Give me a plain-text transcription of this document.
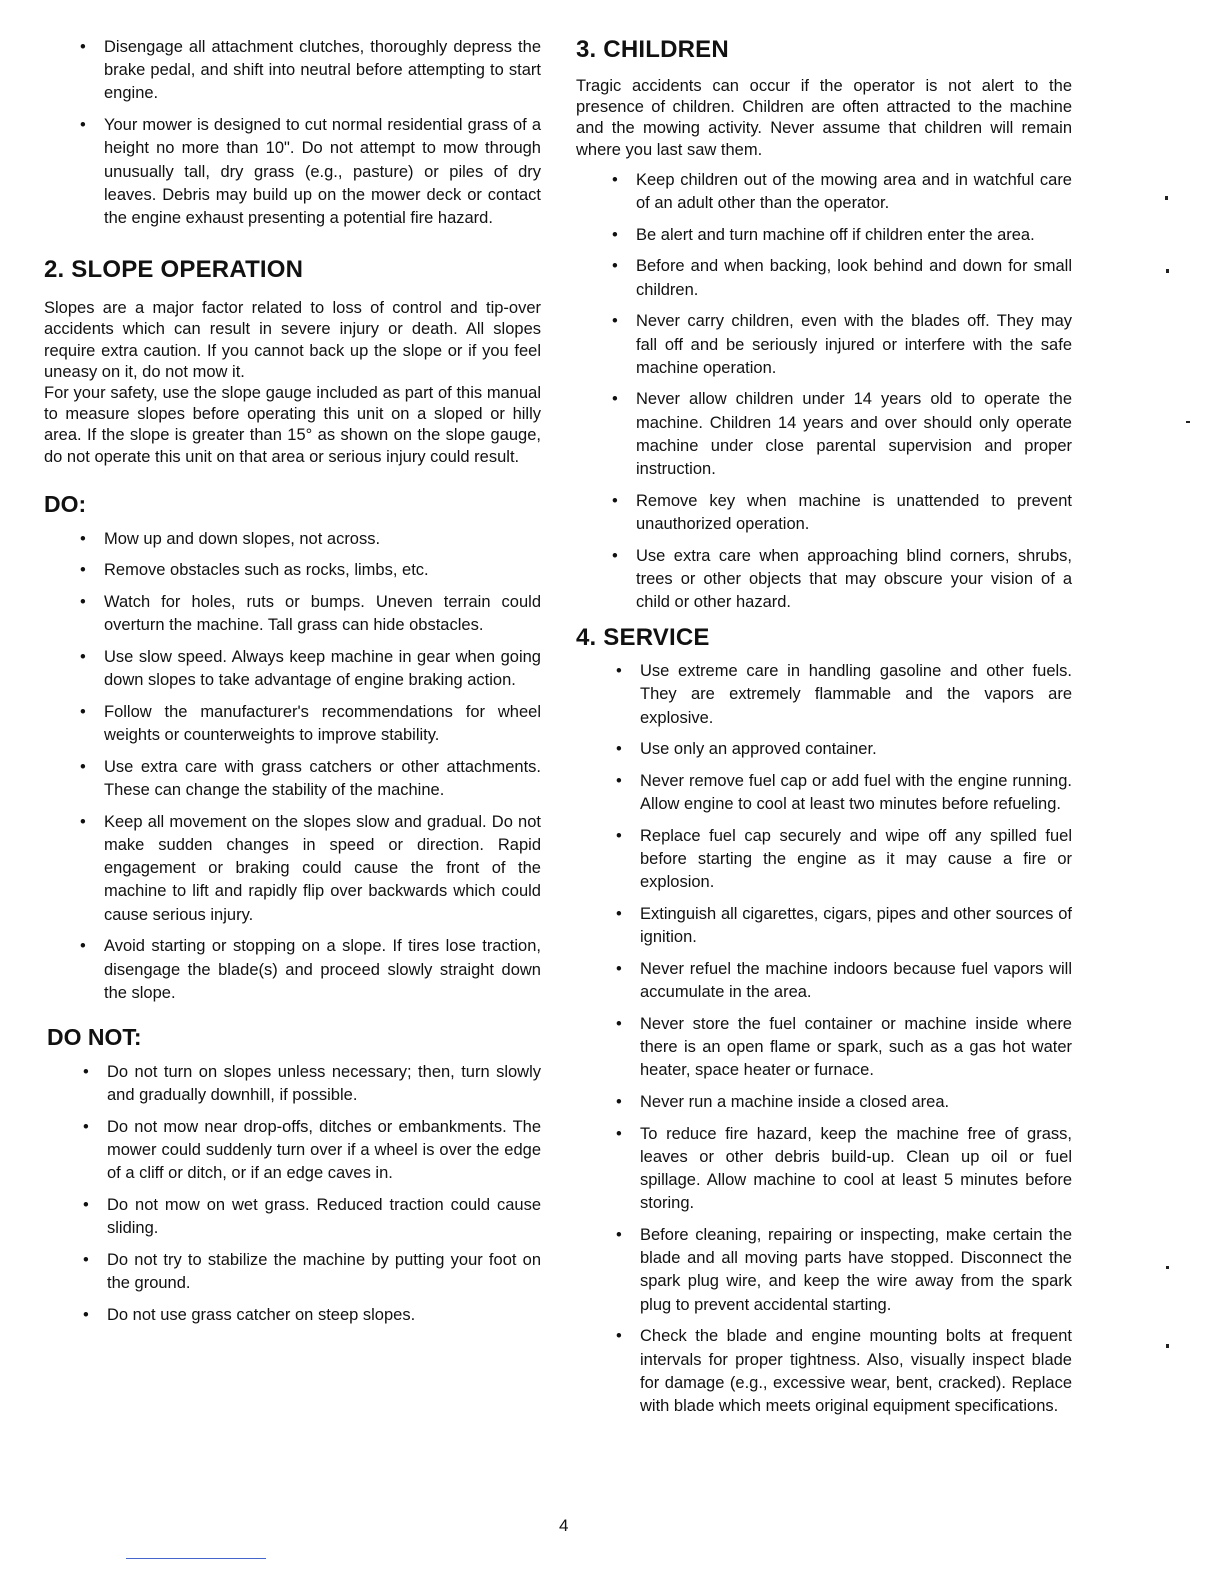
• Disengage all attachment clutches, thoroughly depress the brake pedal, and shift into neutral before attempting to start engine.
• Your mower is designed to cut normal residential grass of a height no more than 10". Do not attempt to mow through unusually tall, dry grass (e.g., pasture) or piles of dry leaves. Debris may build up on the mower deck or contact the engine exhaust presenting a potential fire hazard.
2. SLOPE OPERATION

Slopes are a major factor related to loss of control and tip-over accidents which can result in severe injury or death. All slopes require extra caution. If you cannot back up the slope or if you feel uneasy on it, do not mow it.

For your safety, use the slope gauge included as part of this manual to measure slopes before operating this unit on a sloped or hilly area. If the slope is greater than 15° as shown on the slope gauge, do not operate this unit on that area or serious injury could result.

DO:
• Mow up and down slopes, not across.
• Remove obstacles such as rocks, limbs, etc.
• Watch for holes, ruts or bumps. Uneven terrain could overturn the machine. Tall grass can hide obstacles.
• Use slow speed. Always keep machine in gear when going down slopes to take advantage of engine braking action.
• Follow the manufacturer's recommendations for wheel weights or counterweights to improve stability.
• Use extra care with grass catchers or other attachments. These can change the stability of the machine.
• Keep all movement on the slopes slow and gradual. Do not make sudden changes in speed or direction. Rapid engagement or braking could cause the front of the machine to lift and rapidly flip over backwards which could cause serious injury.
• Avoid starting or stopping on a slope. If tires lose traction, disengage the blade(s) and proceed slowly straight down the slope.
DO NOT:
• Do not turn on slopes unless necessary; then, turn slowly and gradually downhill, if possible.
• Do not mow near drop-offs, ditches or embankments. The mower could suddenly turn over if a wheel is over the edge of a cliff or ditch, or if an edge caves in.
• Do not mow on wet grass. Reduced traction could cause sliding.
• Do not try to stabilize the machine by putting your foot on the ground.
• Do not use grass catcher on steep slopes.
3. CHILDREN

Tragic accidents can occur if the operator is not alert to the presence of children. Children are often attracted to the machine and the mowing activity. Never assume that children will remain where you last saw them.

• Keep children out of the mowing area and in watchful care of an adult other than the operator.
• Be alert and turn machine off if children enter the area.
• Before and when backing, look behind and down for small children.
• Never carry children, even with the blades off. They may fall off and be seriously injured or interfere with the safe machine operation.
• Never allow children under 14 years old to operate the machine. Children 14 years and over should only operate machine under close parental supervision and proper instruction.
• Remove key when machine is unattended to prevent unauthorized operation.
• Use extra care when approaching blind corners, shrubs, trees or other objects that may obscure your vision of a child or other hazard.
4. SERVICE
• Use extreme care in handling gasoline and other fuels. They are extremely flammable and the vapors are explosive.
• Use only an approved container.
• Never remove fuel cap or add fuel with the engine running. Allow engine to cool at least two minutes before refueling.
• Replace fuel cap securely and wipe off any spilled fuel before starting the engine as it may cause a fire or explosion.
• Extinguish all cigarettes, cigars, pipes and other sources of ignition.
• Never refuel the machine indoors because fuel vapors will accumulate in the area.
• Never store the fuel container or machine inside where there is an open flame or spark, such as a gas hot water heater, space heater or furnace.
• Never run a machine inside a closed area.
• To reduce fire hazard, keep the machine free of grass, leaves or other debris build-up. Clean up oil or fuel spillage. Allow machine to cool at least 5 minutes before storing.
• Before cleaning, repairing or inspecting, make certain the blade and all moving parts have stopped. Disconnect the spark plug wire, and keep the wire away from the spark plug to prevent accidental starting.
• Check the blade and engine mounting bolts at frequent intervals for proper tightness. Also, visually inspect blade for damage (e.g., excessive wear, bent, cracked). Replace with blade which meets original equipment specifications.
4
